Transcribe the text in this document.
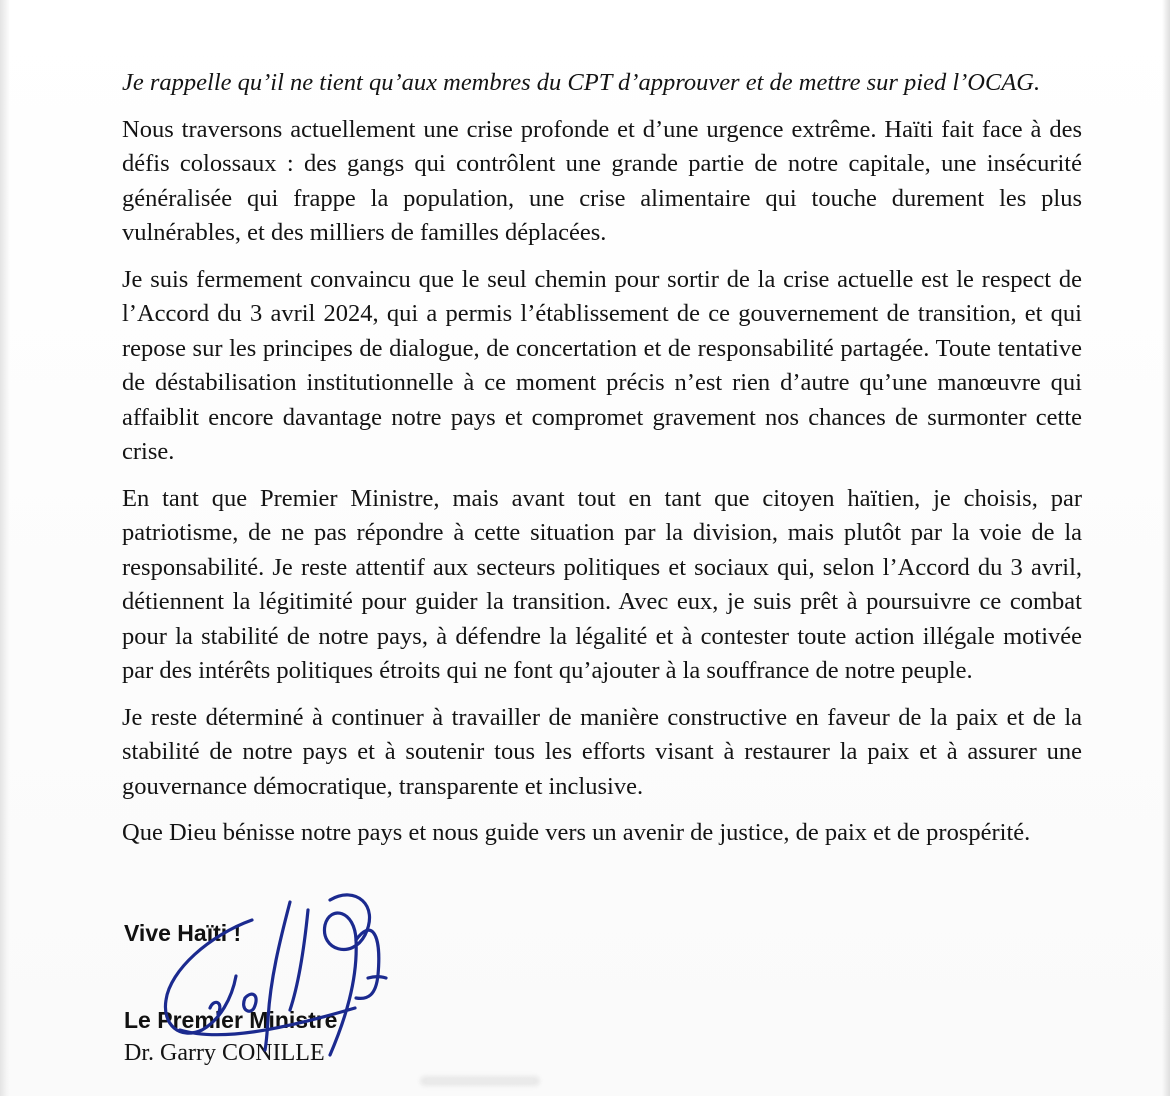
Je rappelle qu’il ne tient qu’aux membres du CPT d’approuver et de mettre sur pied l’OCAG.

Nous traversons actuellement une crise profonde et d’une urgence extrême. Haïti fait face à des défis colossaux : des gangs qui contrôlent une grande partie de notre capitale, une insécurité généralisée qui frappe la population, une crise alimentaire qui touche durement les plus vulnérables, et des milliers de familles déplacées.

Je suis fermement convaincu que le seul chemin pour sortir de la crise actuelle est le respect de l’Accord du 3 avril 2024, qui a permis l’établissement de ce gouvernement de transition, et qui repose sur les principes de dialogue, de concertation et de responsabilité partagée. Toute tentative de déstabilisation institutionnelle à ce moment précis n’est rien d’autre qu’une manœuvre qui affaiblit encore davantage notre pays et compromet gravement nos chances de surmonter cette crise.

En tant que Premier Ministre, mais avant tout en tant que citoyen haïtien, je choisis, par patriotisme, de ne pas répondre à cette situation par la division, mais plutôt par la voie de la responsabilité. Je reste attentif aux secteurs politiques et sociaux qui, selon l’Accord du 3 avril, détiennent la légitimité pour guider la transition. Avec eux, je suis prêt à poursuivre ce combat pour la stabilité de notre pays, à défendre la légalité et à contester toute action illégale motivée par des intérêts politiques étroits qui ne font qu’ajouter à la souffrance de notre peuple.

Je reste déterminé à continuer à travailler de manière constructive en faveur de la paix et de la stabilité de notre pays et à soutenir tous les efforts visant à restaurer la paix et à assurer une gouvernance démocratique, transparente et inclusive.

Que Dieu bénisse notre pays et nous guide vers un avenir de justice, de paix et de prospérité.

Vive Haïti !
Le Premier Ministre
Dr. Garry CONILLE
